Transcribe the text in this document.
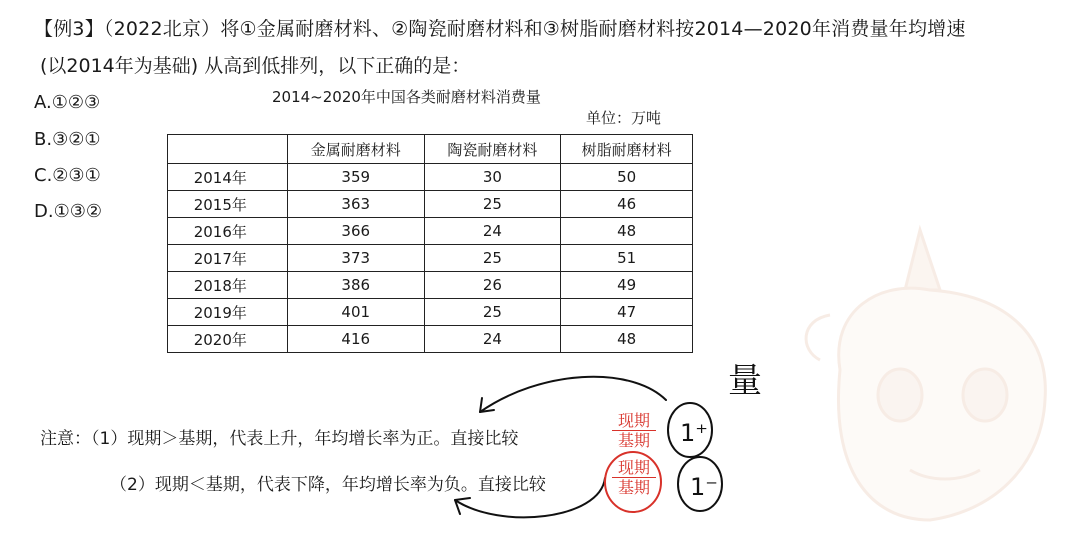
【例3】（2022北京）将①金属耐磨材料、②陶瓷耐磨材料和③树脂耐磨材料按2014—2020年消费量年均增速
(以2014年为基础) 从高到低排列，以下正确的是：
A.①②③
B.③②①
C.②③①
D.①③②
2014~2020年中国各类耐磨材料消费量
单位：万吨
	金属耐磨材料	陶瓷耐磨材料	树脂耐磨材料
2014年	359	30	50
2015年	363	25	46
2016年	366	24	48
2017年	373	25	51
2018年	386	26	49
2019年	401	25	47
2020年	416	24	48
注意：（1）现期＞基期，代表上升，年均增长率为正。直接比较
（2）现期＜基期，代表下降，年均增长率为负。直接比较
现期
基期
现期
基期
量
1⁺
1⁻
